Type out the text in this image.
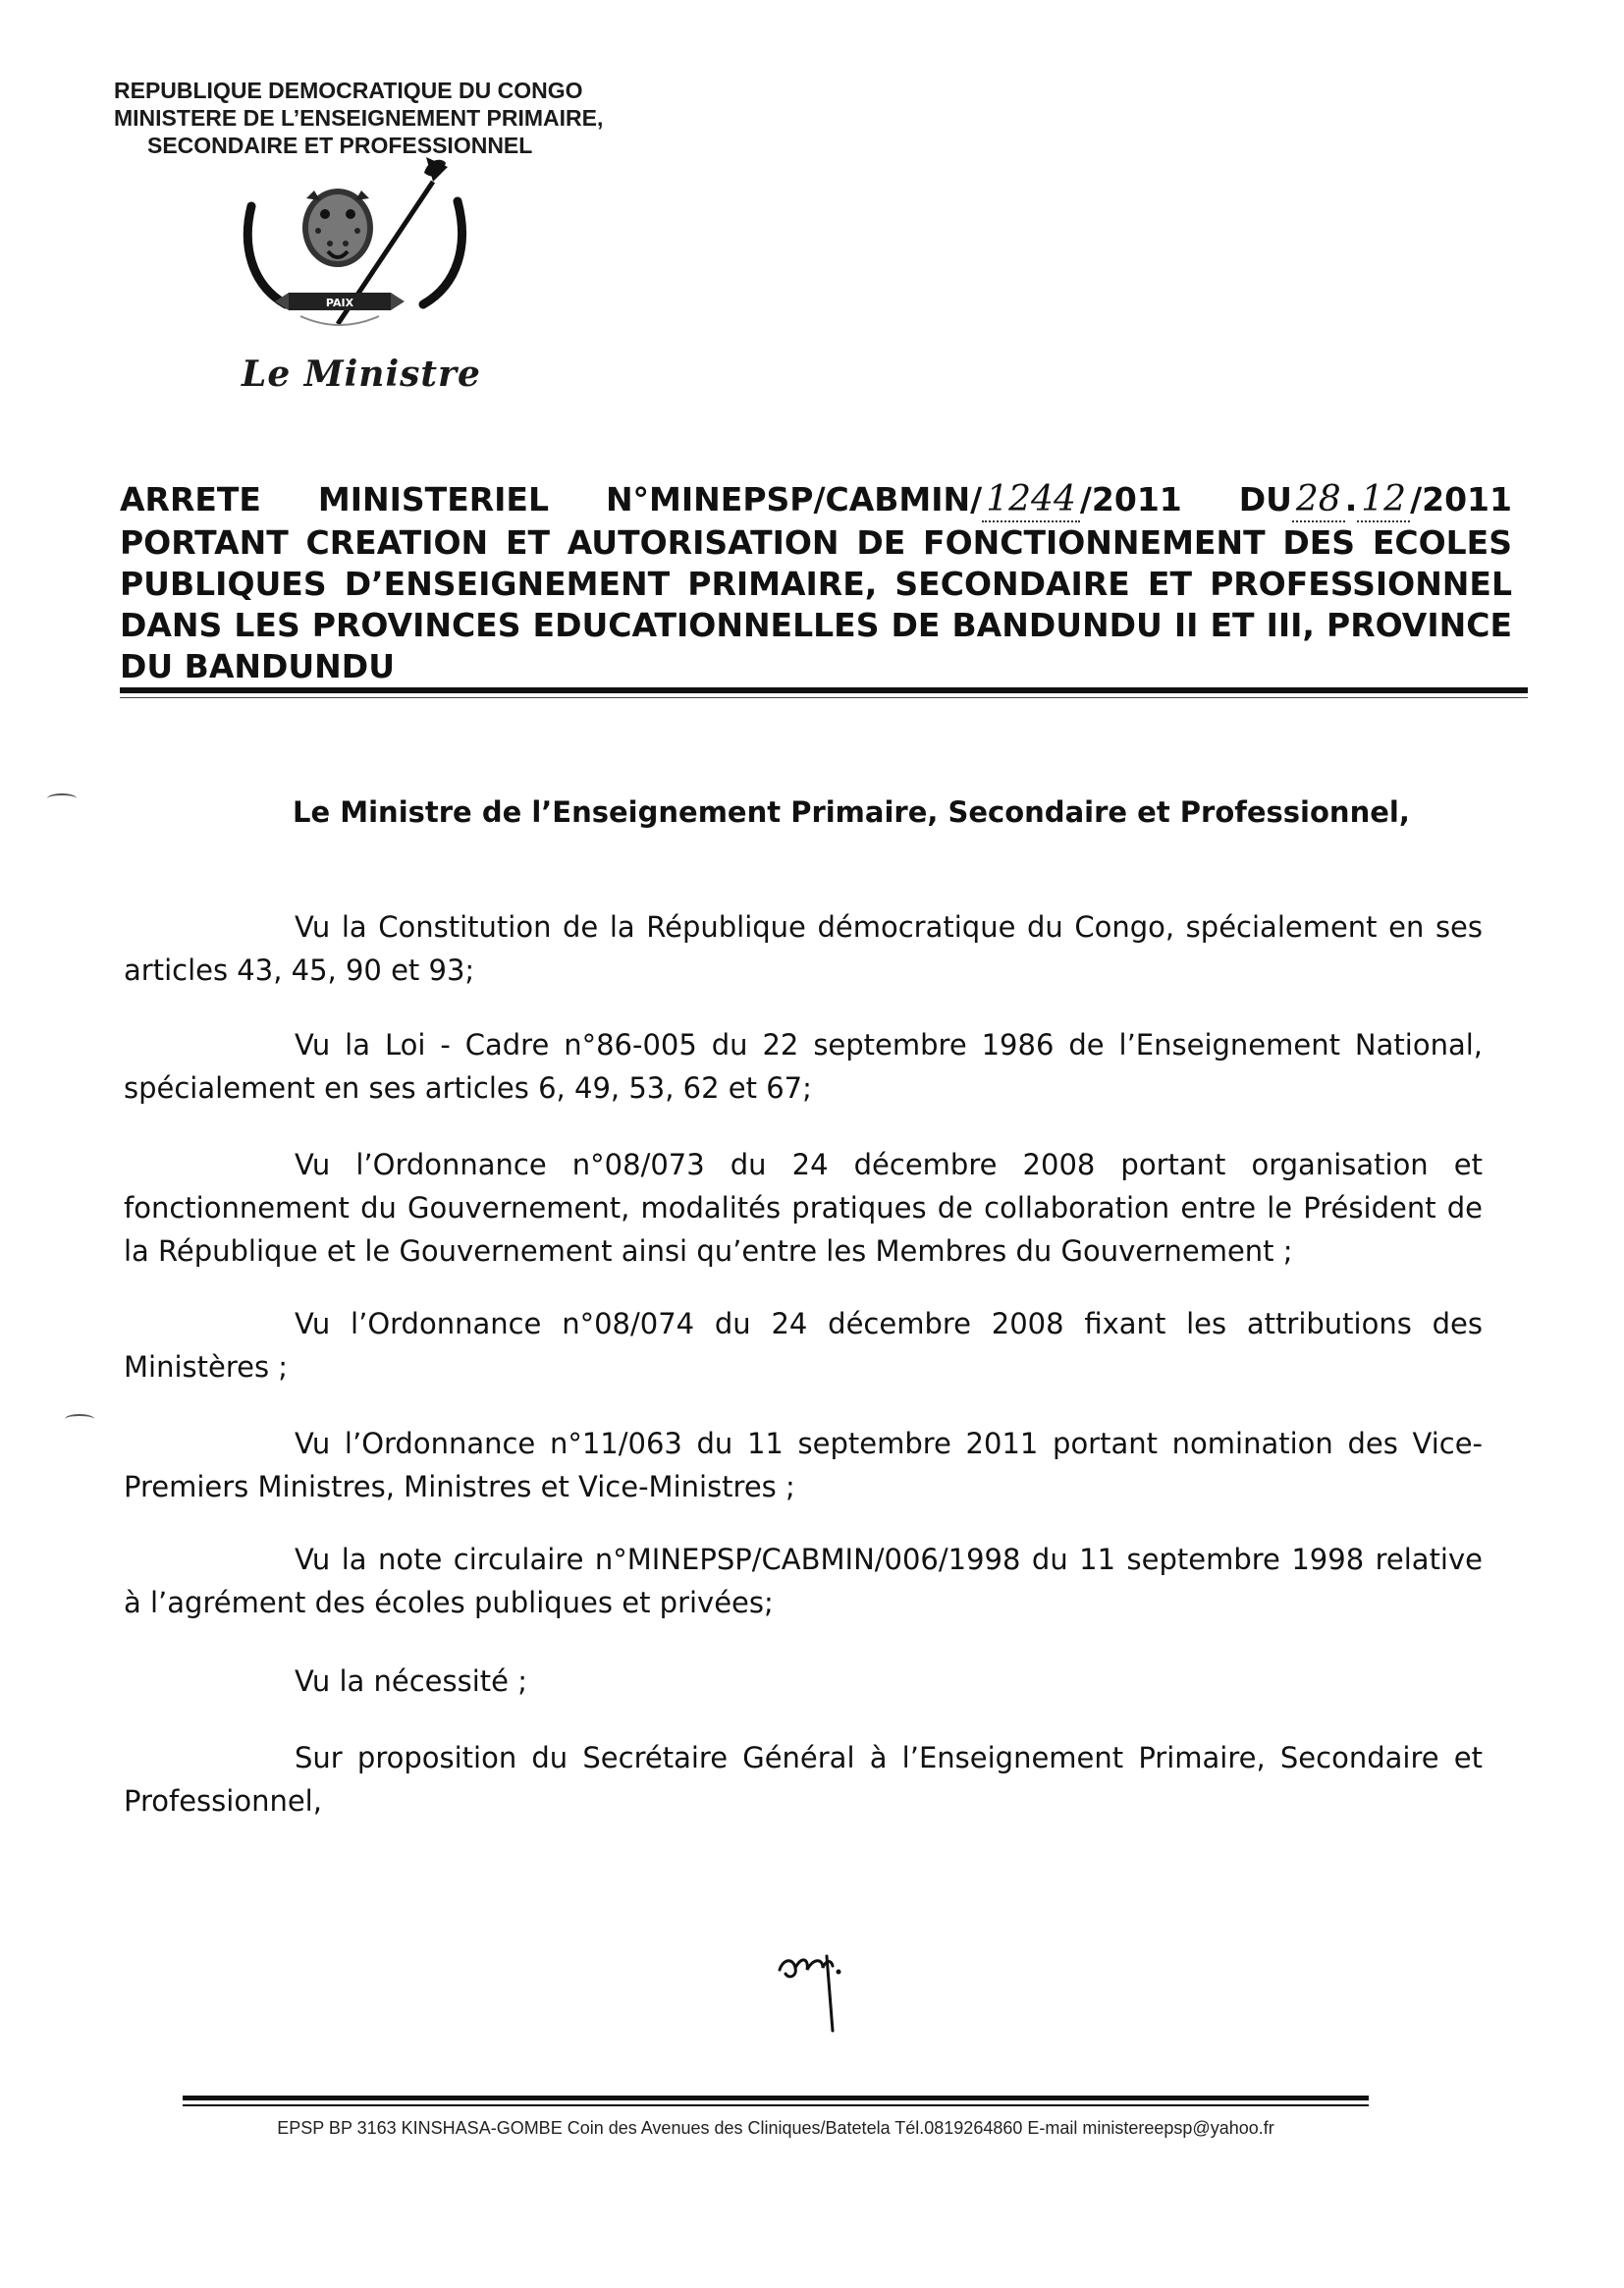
REPUBLIQUE DEMOCRATIQUE DU CONGO
MINISTERE DE L’ENSEIGNEMENT PRIMAIRE,
SECONDAIRE ET PROFESSIONNEL
PAIX
Le Ministre
ARRETE MINISTERIEL N°MINEPSP/CABMIN/ 1244 /2011 DU 28 . 12 /2011
PORTANT CREATION ET AUTORISATION DE FONCTIONNEMENT DES ECOLES PUBLIQUES D’ENSEIGNEMENT PRIMAIRE, SECONDAIRE ET PROFESSIONNEL DANS LES PROVINCES EDUCATIONNELLES DE BANDUNDU II ET III, PROVINCE DU BANDUNDU
Le Ministre de l’Enseignement Primaire, Secondaire et Professionnel,
Vu la Constitution de la République démocratique du Congo, spécialement en ses articles 43, 45, 90 et 93;
Vu la Loi - Cadre n°86-005 du 22 septembre 1986 de l’Enseignement National, spécialement en ses articles 6, 49, 53, 62 et 67;
Vu l’Ordonnance n°08/073 du 24 décembre 2008 portant organisation et fonctionnement du Gouvernement, modalités pratiques de collaboration entre le Président de la République et le Gouvernement ainsi qu’entre les Membres du Gouvernement ;
Vu l’Ordonnance n°08/074 du 24 décembre 2008 fixant les attributions des Ministères ;
Vu l’Ordonnance n°11/063 du 11 septembre 2011 portant nomination des Vice-Premiers Ministres, Ministres et Vice-Ministres ;
Vu la note circulaire n°MINEPSP/CABMIN/006/1998 du 11 septembre 1998 relative à l’agrément des écoles publiques et privées;
Vu la nécessité ;
Sur proposition du Secrétaire Général à l’Enseignement Primaire, Secondaire et Professionnel,
EPSP BP 3163 KINSHASA-GOMBE Coin des Avenues des Cliniques/Batetela Tél.0819264860 E-mail ministereepsp@yahoo.fr
